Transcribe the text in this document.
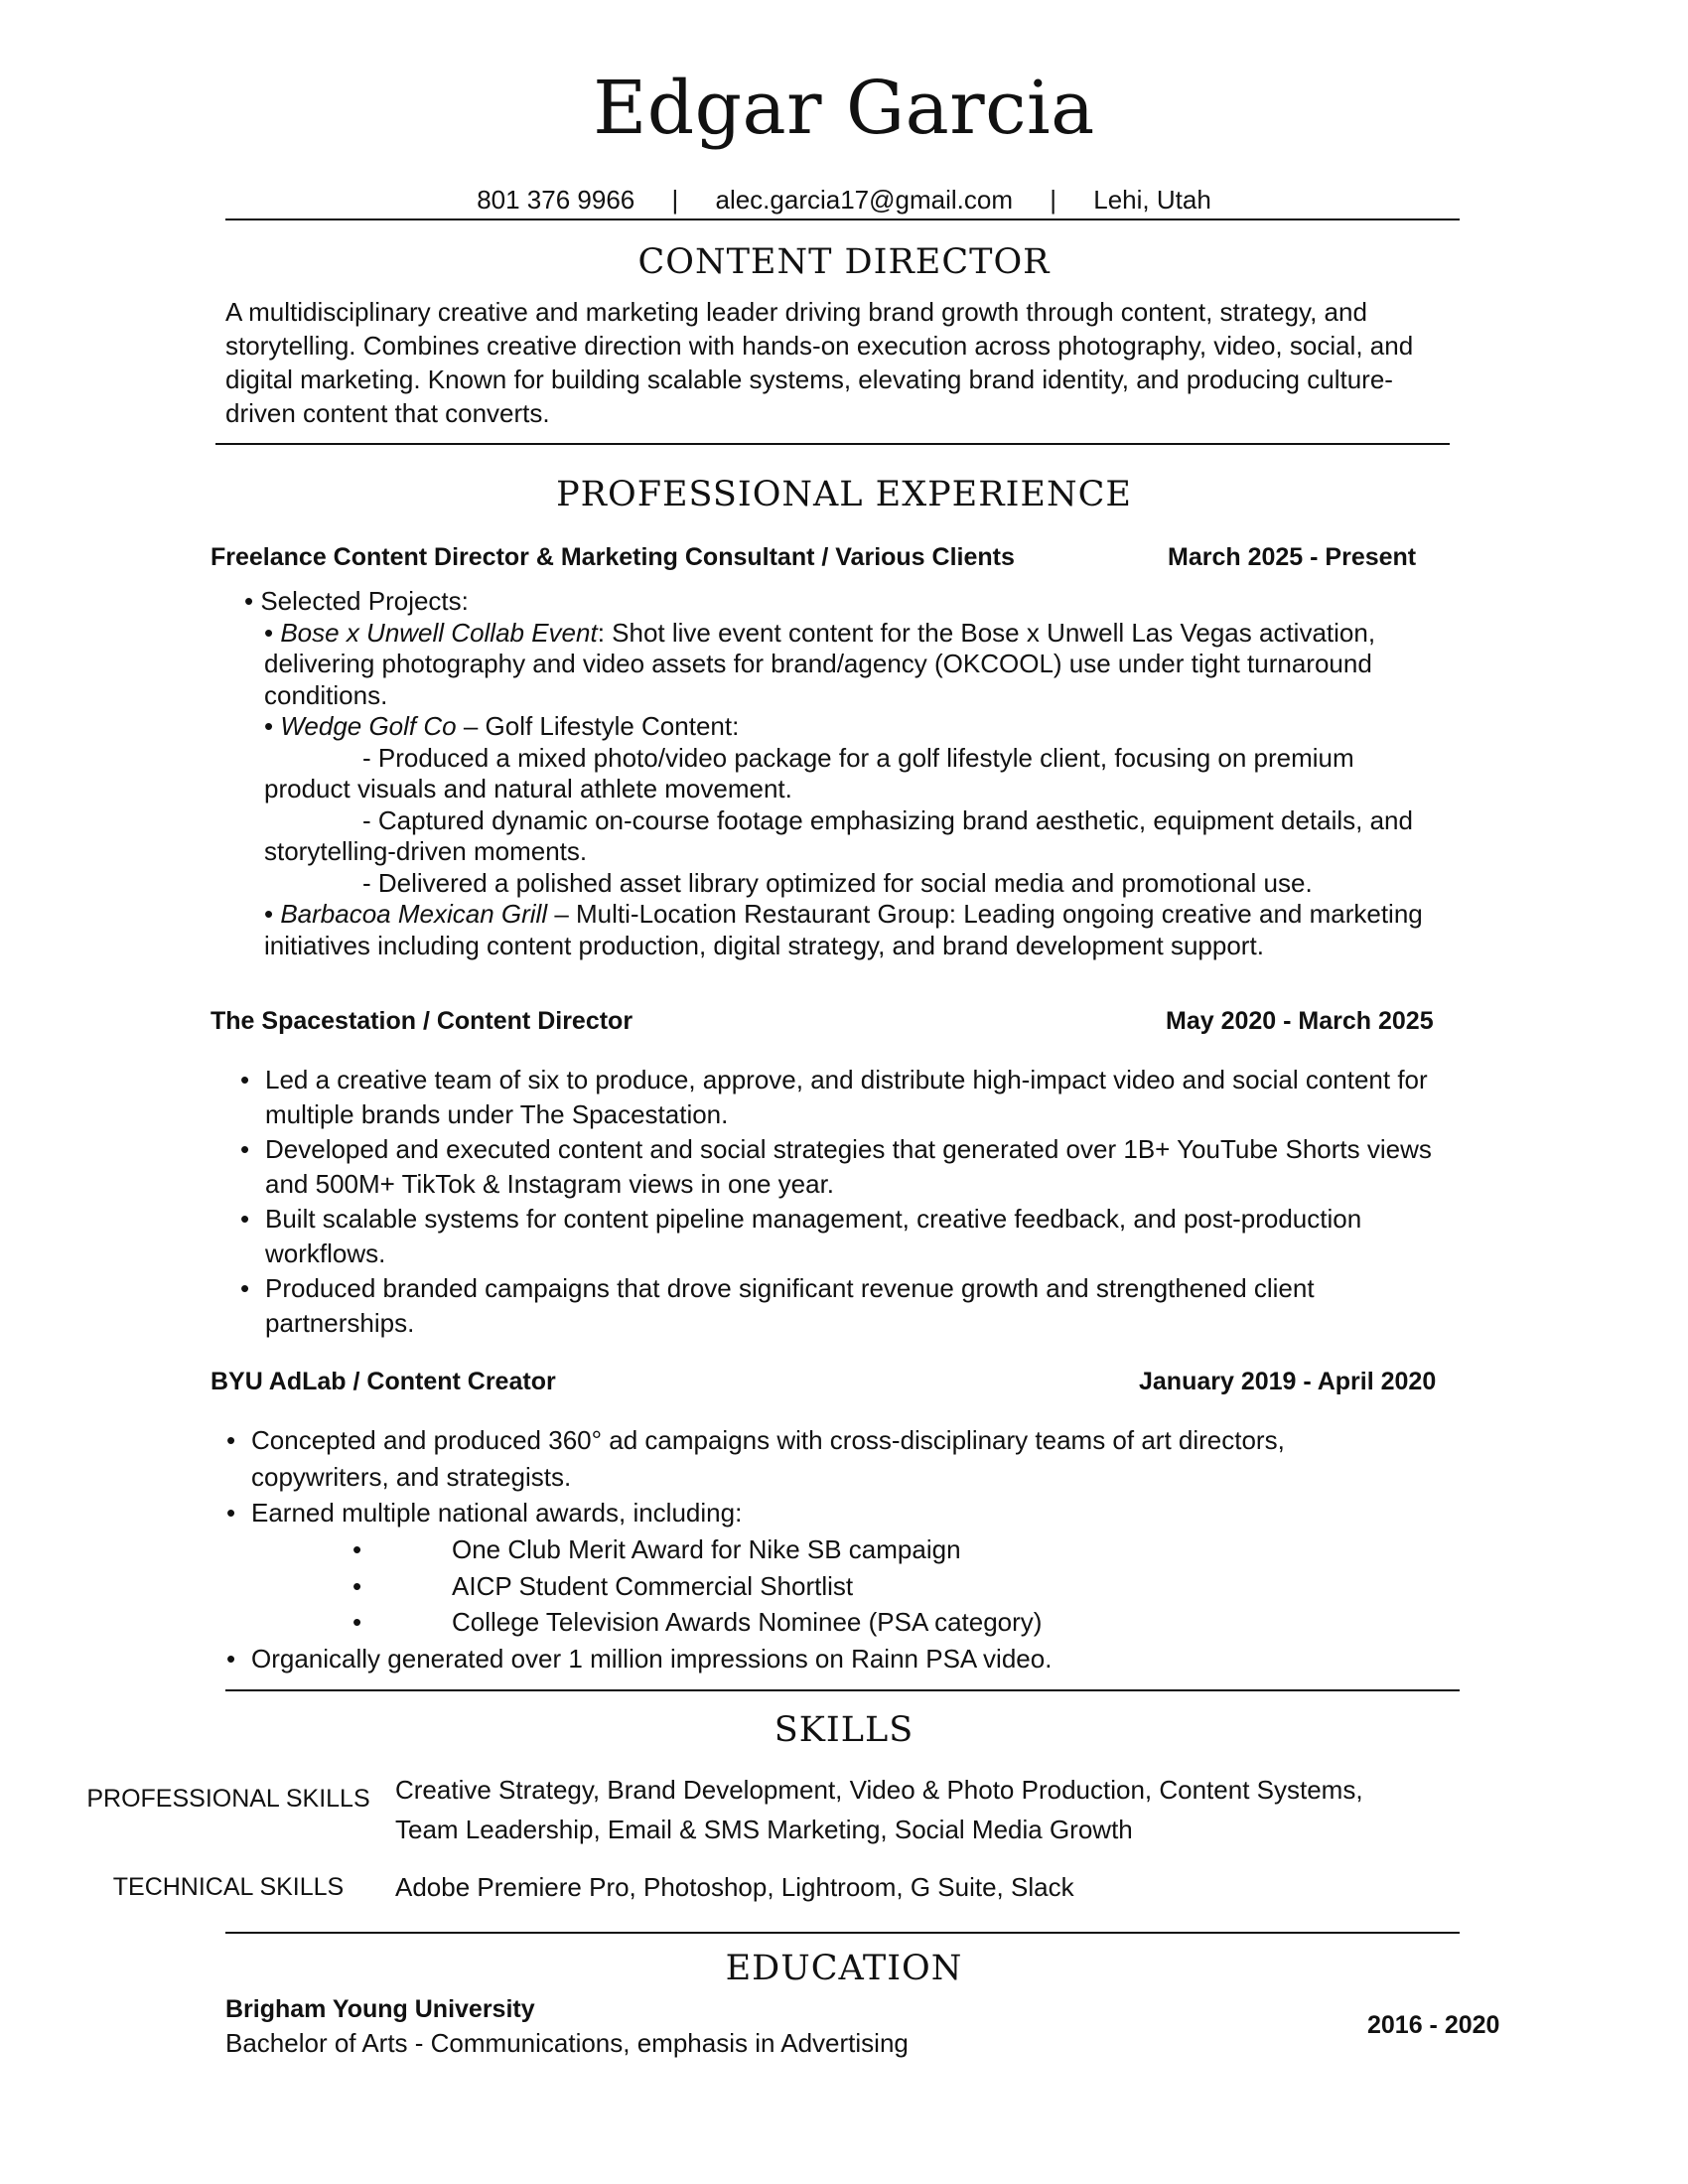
Edgar Garcia
801 376 9966 | alec.garcia17@gmail.com | Lehi, Utah
CONTENT DIRECTOR
A multidisciplinary creative and marketing leader driving brand growth through content, strategy, and
storytelling. Combines creative direction with hands-on execution across photography, video, social, and
digital marketing. Known for building scalable systems, elevating brand identity, and producing culture-
driven content that converts.
PROFESSIONAL EXPERIENCE
Freelance Content Director & Marketing Consultant / Various Clients	March 2025 - Present
• Selected Projects:
• Bose x Unwell Collab Event: Shot live event content for the Bose x Unwell Las Vegas activation,
delivering photography and video assets for brand/agency (OKCOOL) use under tight turnaround
conditions.
• Wedge Golf Co – Golf Lifestyle Content:
- Produced a mixed photo/video package for a golf lifestyle client, focusing on premium
product visuals and natural athlete movement.
- Captured dynamic on-course footage emphasizing brand aesthetic, equipment details, and
storytelling-driven moments.
- Delivered a polished asset library optimized for social media and promotional use.
• Barbacoa Mexican Grill – Multi-Location Restaurant Group: Leading ongoing creative and marketing
initiatives including content production, digital strategy, and brand development support.
The Spacestation / Content Director	May 2020 - March 2025
• Led a creative team of six to produce, approve, and distribute high-impact video and social content for multiple brands under The Spacestation.
• Developed and executed content and social strategies that generated over 1B+ YouTube Shorts views and 500M+ TikTok & Instagram views in one year.
• Built scalable systems for content pipeline management, creative feedback, and post-production workflows.
• Produced branded campaigns that drove significant revenue growth and strengthened client partnerships.
BYU AdLab / Content Creator	January 2019 - April 2020
• Concepted and produced 360° ad campaigns with cross-disciplinary teams of art directors, copywriters, and strategists.
• Earned multiple national awards, including:
• One Club Merit Award for Nike SB campaign
• AICP Student Commercial Shortlist
• College Television Awards Nominee (PSA category)
• Organically generated over 1 million impressions on Rainn PSA video.
SKILLS
PROFESSIONAL SKILLS Creative Strategy, Brand Development, Video & Photo Production, Content Systems,
Team Leadership, Email & SMS Marketing, Social Media Growth
TECHNICAL SKILLS	Adobe Premiere Pro, Photoshop, Lightroom, G Suite, Slack
EDUCATION
Brigham Young University
Bachelor of Arts - Communications, emphasis in Advertising
2016 - 2020
